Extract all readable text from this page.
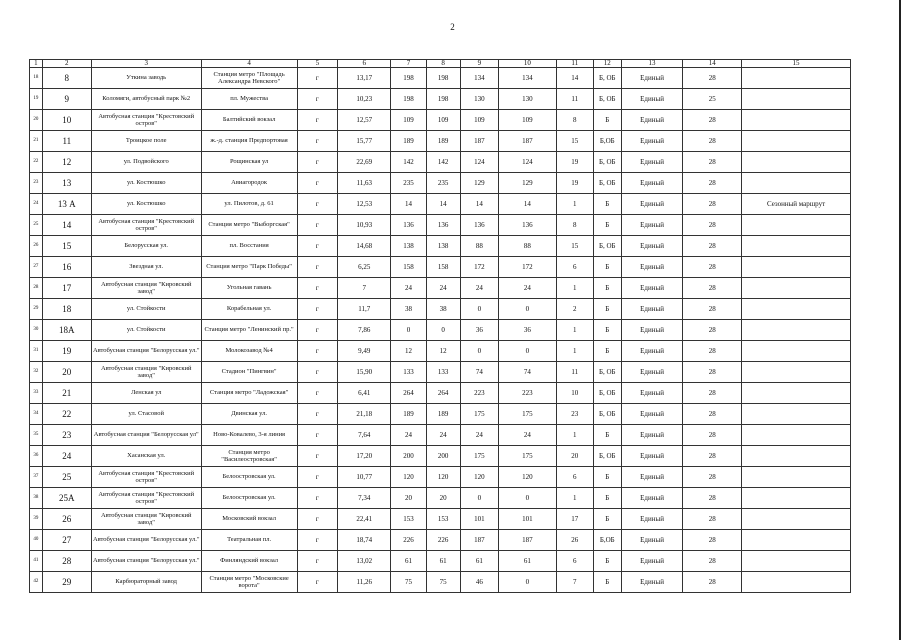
2
1	2	3	4	5	6	7	8	9	10	11	12	13	14	15
18	8	Уткина заводь	Станция метро "Площадь Александра Невского"	г	13,17	198	198	134	134	14	Б, ОБ	Единый	28	
19	9	Коломяги, автобусный парк №2	пл. Мужества	г	10,23	198	198	130	130	11	Б, ОБ	Единый	25	
20	10	Автобусная станция "Крестовский остров"	Балтийский вокзал	г	12,57	109	109	109	109	8	Б	Единый	28	
21	11	Троицкое поле	ж.-д. станция Предпортовая	г	15,77	189	189	187	187	15	Б,ОБ	Единый	28	
22	12	ул. Подвойского	Рощинская ул	г	22,69	142	142	124	124	19	Б, ОБ	Единый	28	
23	13	ул. Костюшко	Авиагородок	г	11,63	235	235	129	129	19	Б, ОБ	Единый	28	
24	13 А	ул. Костюшко	ул. Пилотов, д. 61	г	12,53	14	14	14	14	1	Б	Единый	28	Сезонный маршрут
25	14	Автобусная станция "Крестовский остров"	Станция метро "Выборгская"	г	10,93	136	136	136	136	8	Б	Единый	28	
26	15	Белорусская ул.	пл. Восстания	г	14,68	138	138	88	88	15	Б, ОБ	Единый	28	
27	16	Звездная ул.	Станция метро "Парк Победы"	г	6,25	158	158	172	172	6	Б	Единый	28	
28	17	Автобусная станция "Кировский завод"	Угольная гавань	г	7	24	24	24	24	1	Б	Единый	28	
29	18	ул. Стойкости	Корабельная ул.	г	11,7	38	38	0	0	2	Б	Единый	28	
30	18А	ул. Стойкости	Станция метро "Ленинский пр."	г	7,86	0	0	36	36	1	Б	Единый	28	
31	19	Автобусная станция "Белорусская ул."	Молокозавод №4	г	9,49	12	12	0	0	1	Б	Единый	28	
32	20	Автобусная станция "Кировский завод"	Стадион "Пингвин"	г	15,90	133	133	74	74	11	Б, ОБ	Единый	28	
33	21	Ленская ул	Станция метро "Ладожская"	г	6,41	264	264	223	223	10	Б, ОБ	Единый	28	
34	22	ул. Стасовой	Двинская ул.	г	21,18	189	189	175	175	23	Б, ОБ	Единый	28	
35	23	Автобусная станция "Белорусская ул"	Ново-Ковалево, 3-я линия	г	7,64	24	24	24	24	1	Б	Единый	28	
36	24	Хасанская ул.	Станция метро "Василеостровская"	г	17,20	200	200	175	175	20	Б, ОБ	Единый	28	
37	25	Автобусная станция "Крестовский остров"	Белоостровская ул.	г	10,77	120	120	120	120	6	Б	Единый	28	
38	25А	Автобусная станция "Крестовский остров"	Белоостровская ул.	г	7,34	20	20	0	0	1	Б	Единый	28	
39	26	Автобусная станция "Кировский завод"	Московский вокзал	г	22,41	153	153	101	101	17	Б	Единый	28	
40	27	Автобусная станция "Белорусская ул."	Театральная пл.	г	18,74	226	226	187	187	26	Б,ОБ	Единый	28	
41	28	Автобусная станция "Белорусская ул."	Финляндский вокзал	г	13,02	61	61	61	61	6	Б	Единый	28	
42	29	Карбюраторный завод	Станция метро "Московские ворота"	г	11,26	75	75	46	0	7	Б	Единый	28	
